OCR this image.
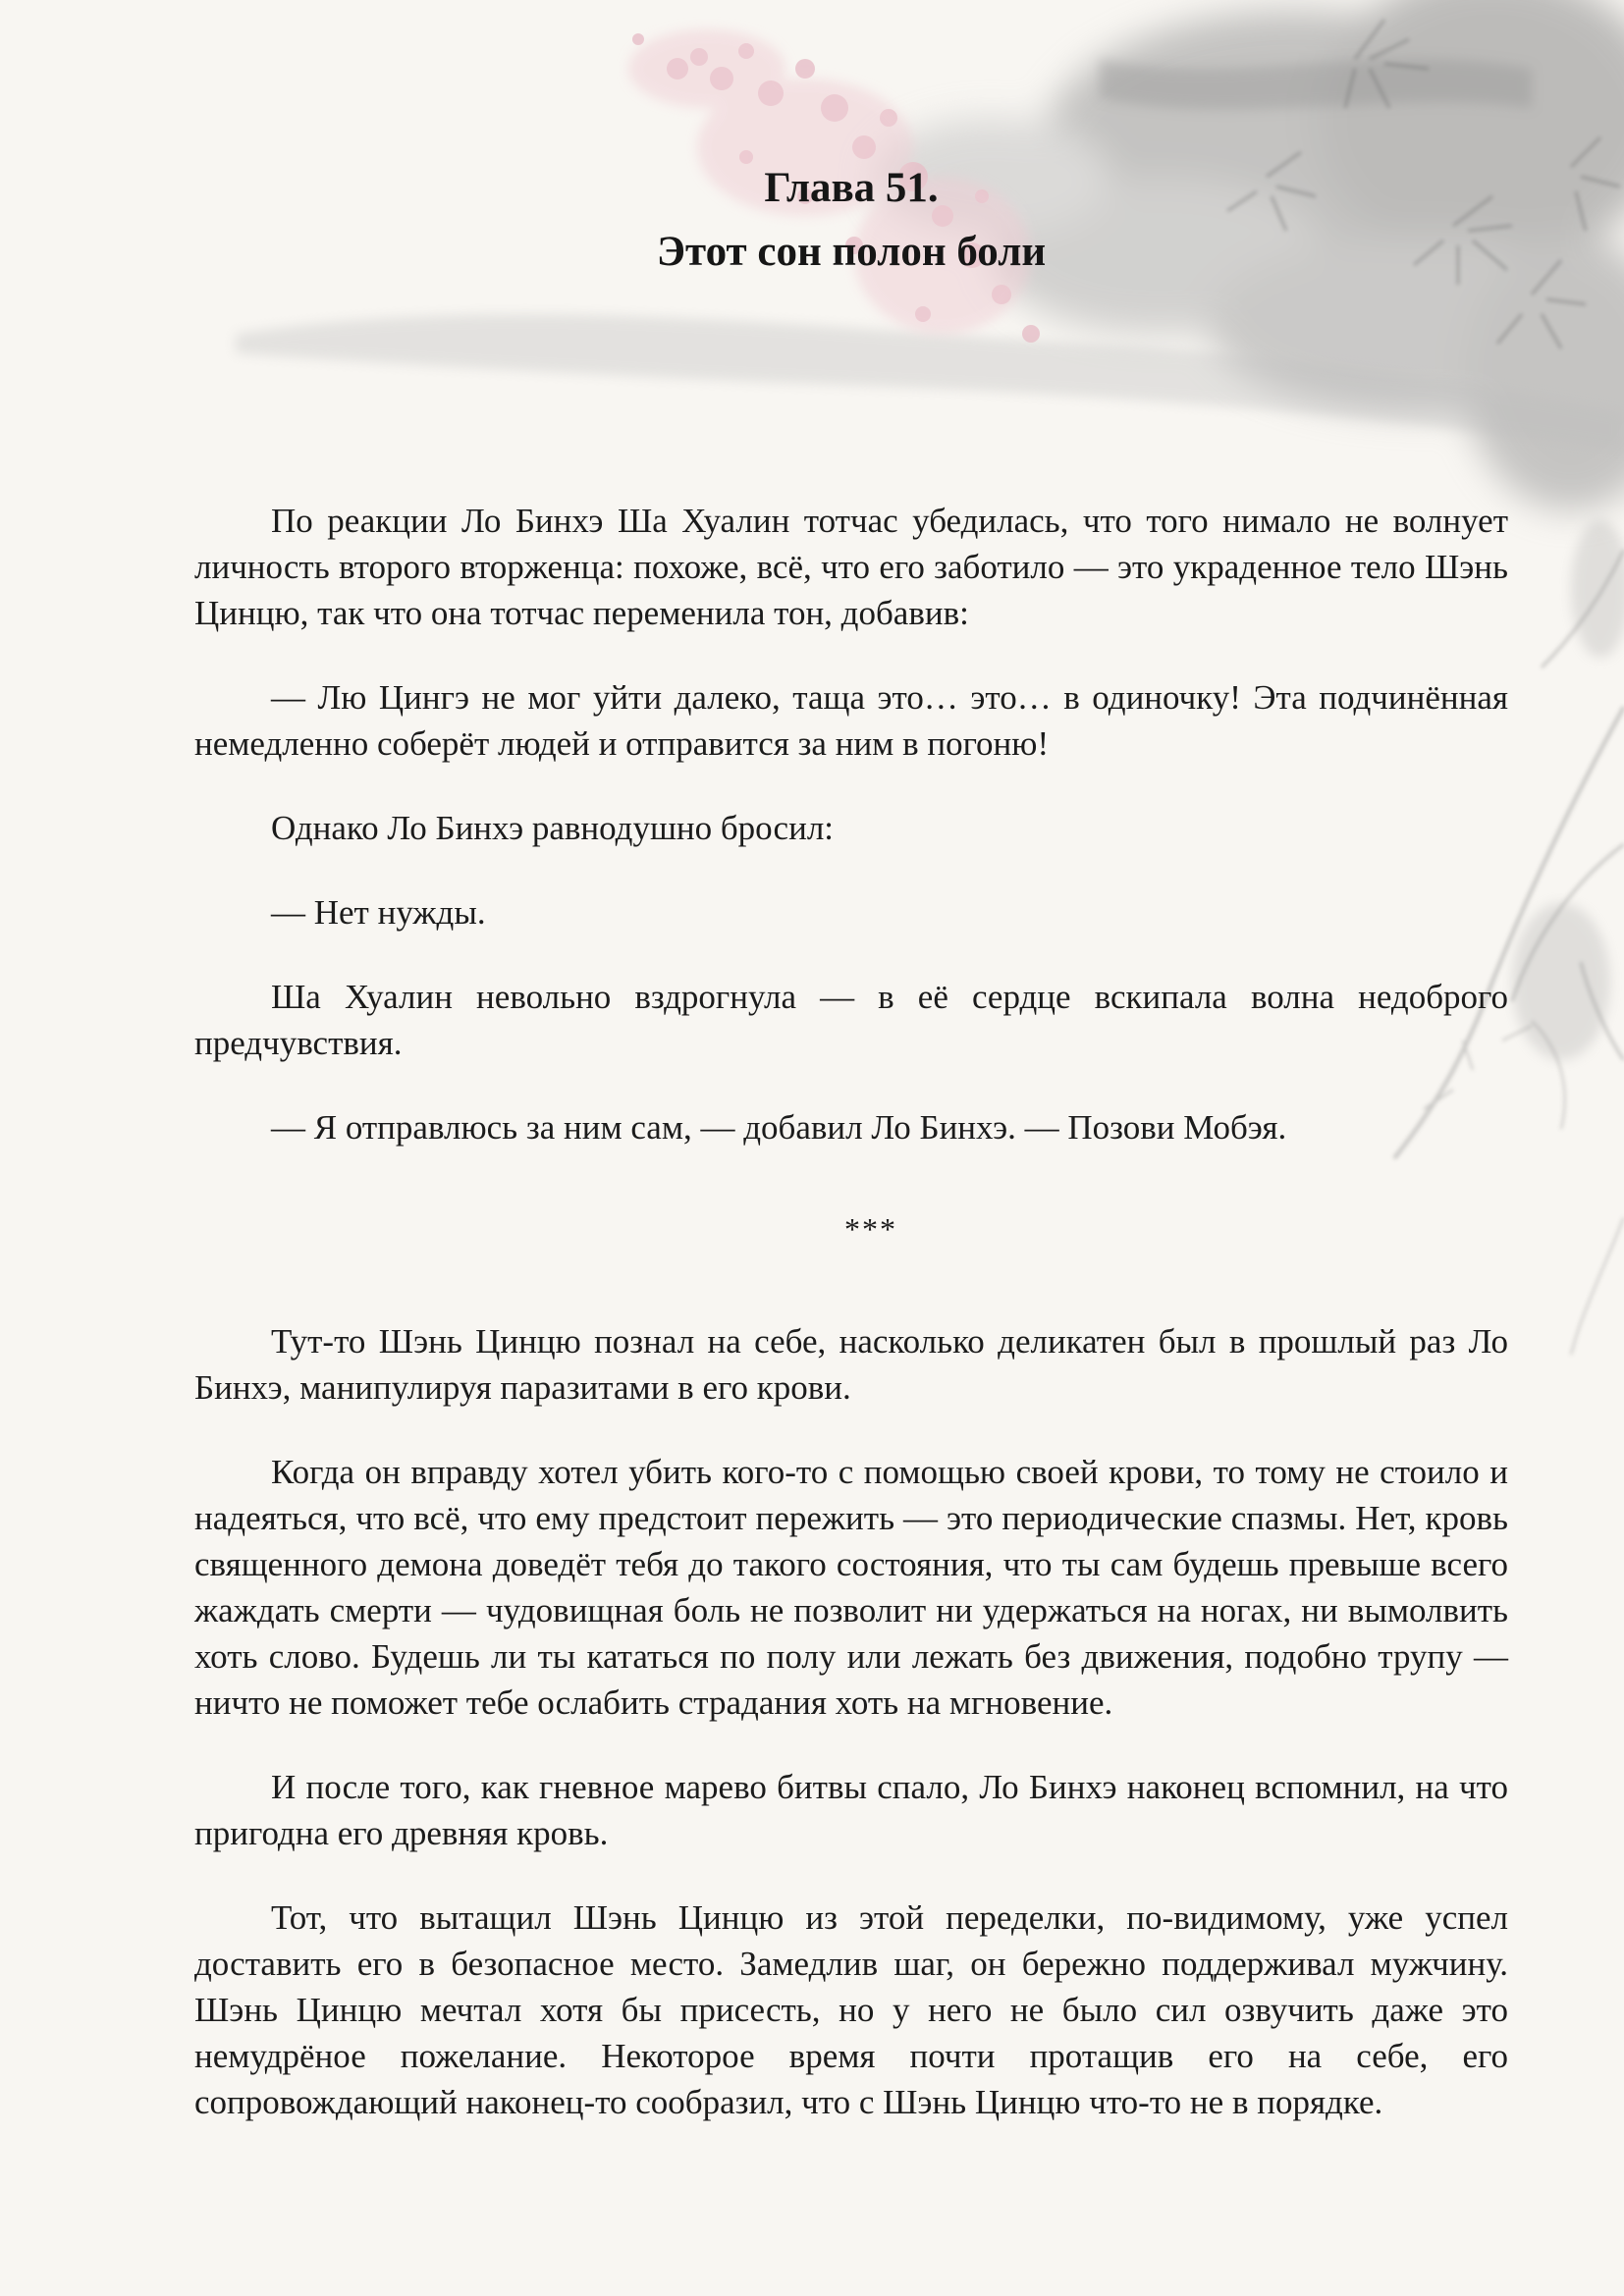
Глава 51.
Этот сон полон боли

По реакции Ло Бинхэ Ша Хуалин тотчас убедилась, что того нимало не волнует личность второго вторженца: похоже, всё, что его заботило — это украденное тело Шэнь Цинцю, так что она тотчас переменила тон, добавив:

— Лю Цингэ не мог уйти далеко, таща это… это… в одиночку! Эта подчинённая немедленно соберёт людей и отправится за ним в погоню!

Однако Ло Бинхэ равнодушно бросил:

— Нет нужды.

Ша Хуалин невольно вздрогнула — в её сердце вскипала волна недоброго предчувствия.

— Я отправлюсь за ним сам, — добавил Ло Бинхэ. — Позови Мобэя.

***

Тут-то Шэнь Цинцю познал на себе, насколько деликатен был в прошлый раз Ло Бинхэ, манипулируя паразитами в его крови.

Когда он вправду хотел убить кого-то с помощью своей крови, то тому не стоило и надеяться, что всё, что ему предстоит пережить — это периодические спазмы. Нет, кровь священного демона доведёт тебя до такого состояния, что ты сам будешь превыше всего жаждать смерти — чудовищная боль не позволит ни удержаться на ногах, ни вымолвить хоть слово. Будешь ли ты кататься по полу или лежать без движения, подобно трупу — ничто не поможет тебе ослабить страдания хоть на мгновение.

И после того, как гневное марево битвы спало, Ло Бинхэ наконец вспомнил, на что пригодна его древняя кровь.

Тот, что вытащил Шэнь Цинцю из этой переделки, по-видимому, уже успел доставить его в безопасное место. Замедлив шаг, он бережно поддерживал мужчину. Шэнь Цинцю мечтал хотя бы присесть, но у него не было сил озвучить даже это немудрёное пожелание. Некоторое время почти протащив его на себе, его сопровождающий наконец-то сообразил, что с Шэнь Цинцю что-то не в порядке.
